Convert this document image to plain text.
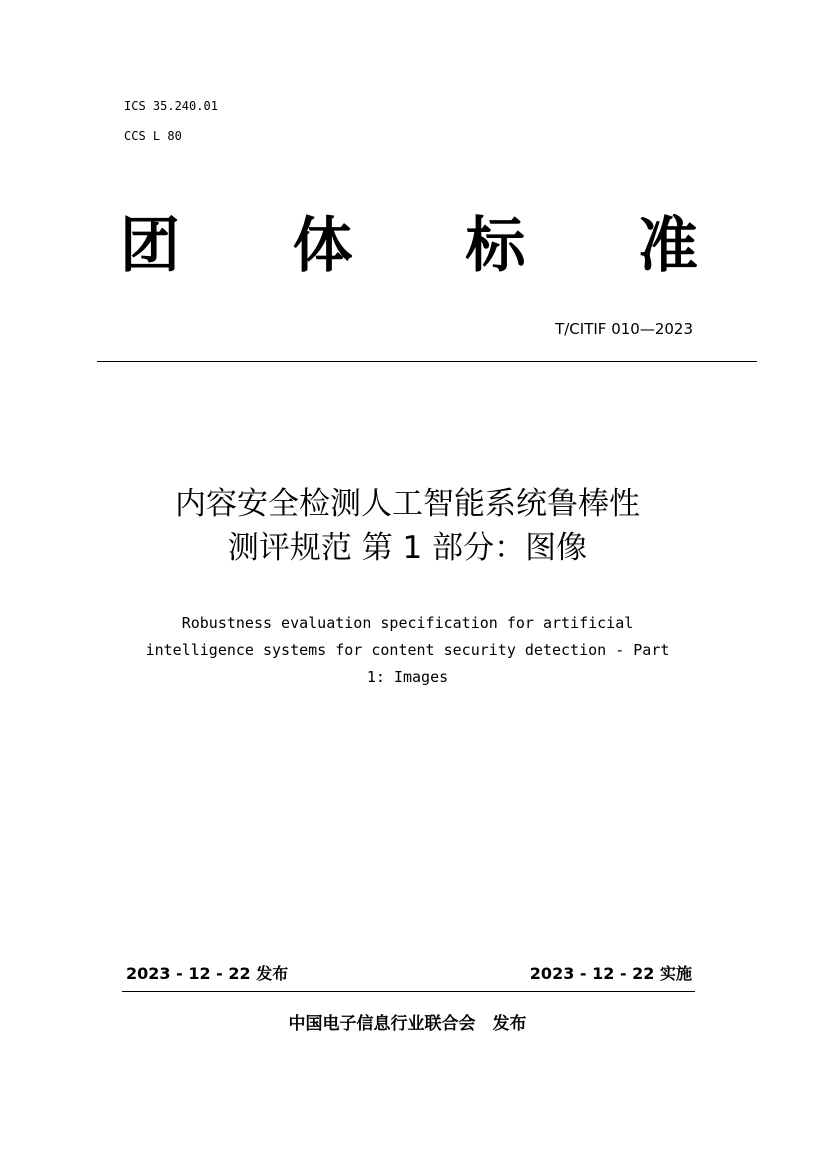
ICS 35.240.01
CCS L 80
团 体 标 准
T/CITIF 010—2023
内容安全检测人工智能系统鲁棒性
测评规范 第 1 部分：图像
Robustness evaluation specification for artificial
intelligence systems for content security detection - Part
1: Images
2023 - 12 - 22 发布	2023 - 12 - 22 实施
中国电子信息行业联合会　发布
